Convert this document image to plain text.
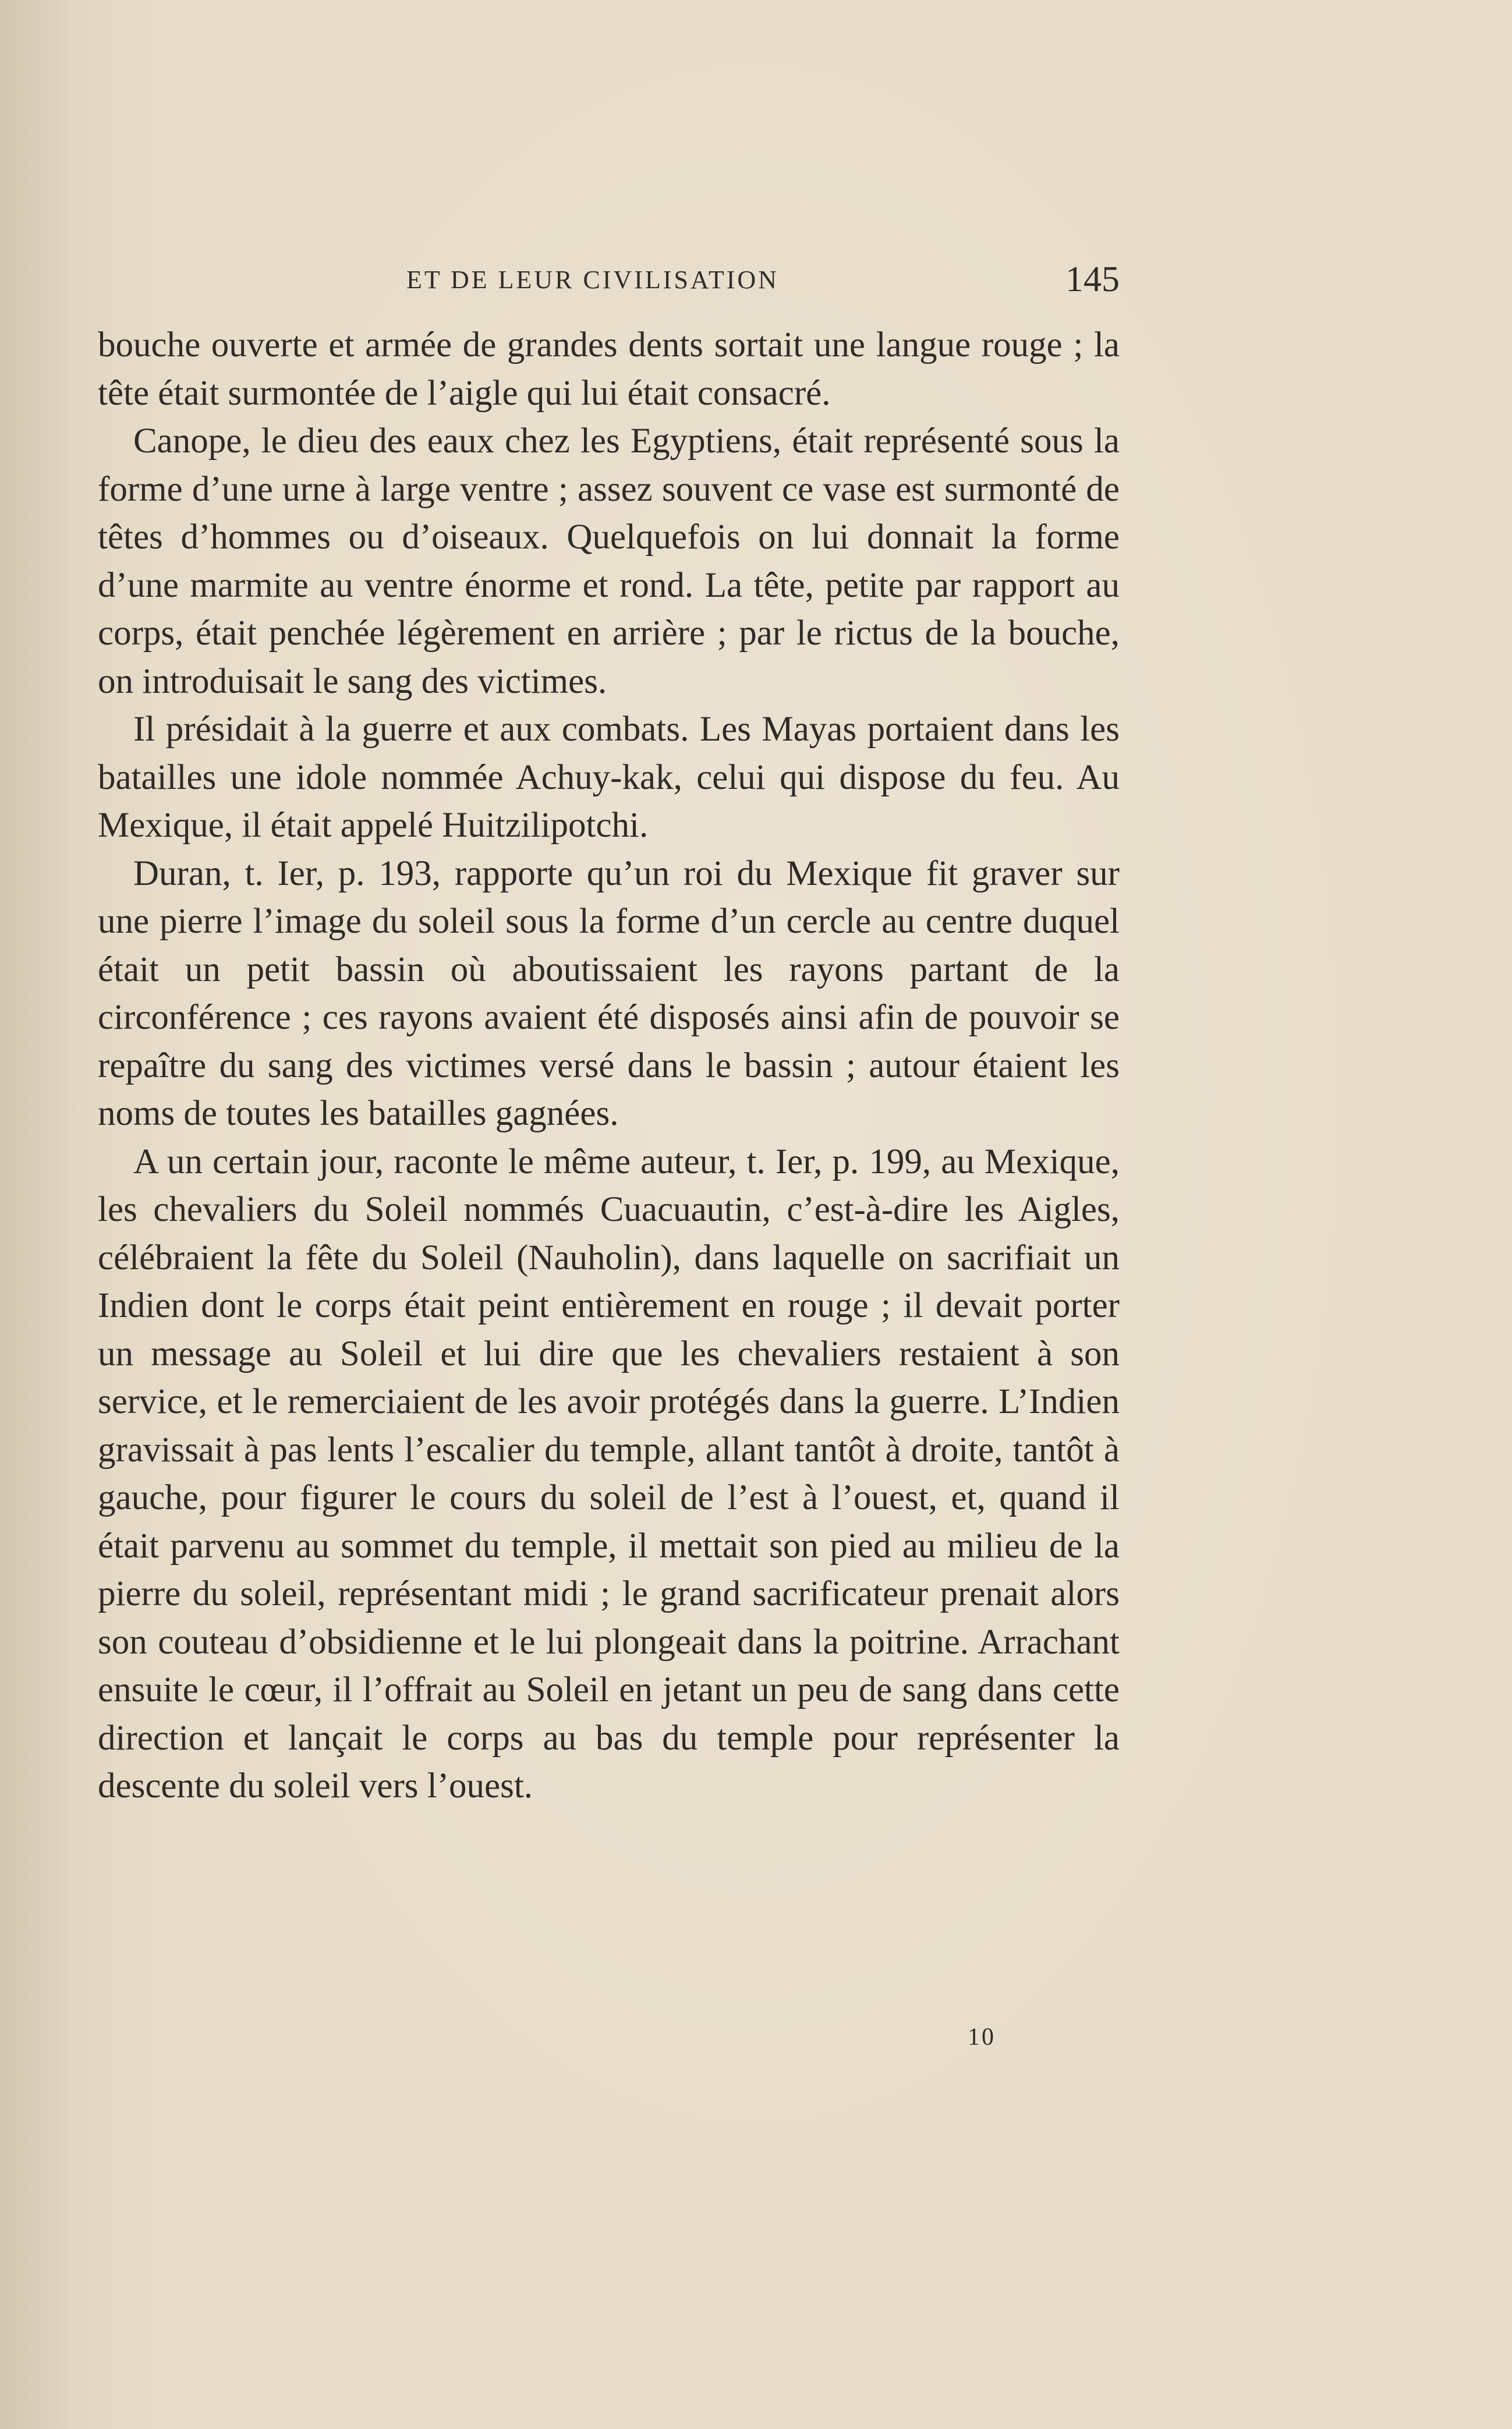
ET DE LEUR CIVILISATION	145

bouche ouverte et armée de grandes dents sortait une langue rouge ; la tête était surmontée de l’aigle qui lui était consacré.

Canope, le dieu des eaux chez les Egyptiens, était représenté sous la forme d’une urne à large ventre ; assez souvent ce vase est surmonté de têtes d’hommes ou d’oiseaux. Quelquefois on lui donnait la forme d’une marmite au ventre énorme et rond. La tête, petite par rapport au corps, était penchée légèrement en arrière ; par le rictus de la bouche, on introduisait le sang des victimes.

Il présidait à la guerre et aux combats. Les Mayas portaient dans les batailles une idole nommée Achuy-kak, celui qui dispose du feu. Au Mexique, il était appelé Huitzilipotchi.

Duran, t. Ier, p. 193, rapporte qu’un roi du Mexique fit graver sur une pierre l’image du soleil sous la forme d’un cercle au centre duquel était un petit bassin où aboutissaient les rayons partant de la circonférence ; ces rayons avaient été disposés ainsi afin de pouvoir se repaître du sang des victimes versé dans le bassin ; autour étaient les noms de toutes les batailles gagnées.

A un certain jour, raconte le même auteur, t. Ier, p. 199, au Mexique, les chevaliers du Soleil nommés Cuacuautin, c’est-à-dire les Aigles, célébraient la fête du Soleil (Nauholin), dans laquelle on sacrifiait un Indien dont le corps était peint entièrement en rouge ; il devait porter un message au Soleil et lui dire que les chevaliers restaient à son service, et le remerciaient de les avoir protégés dans la guerre. L’Indien gravissait à pas lents l’escalier du temple, allant tantôt à droite, tantôt à gauche, pour figurer le cours du soleil de l’est à l’ouest, et, quand il était parvenu au sommet du temple, il mettait son pied au milieu de la pierre du soleil, représentant midi ; le grand sacrificateur prenait alors son couteau d’obsidienne et le lui plongeait dans la poitrine. Arrachant ensuite le cœur, il l’offrait au Soleil en jetant un peu de sang dans cette direction et lançait le corps au bas du temple pour représenter la descente du soleil vers l’ouest.

10
